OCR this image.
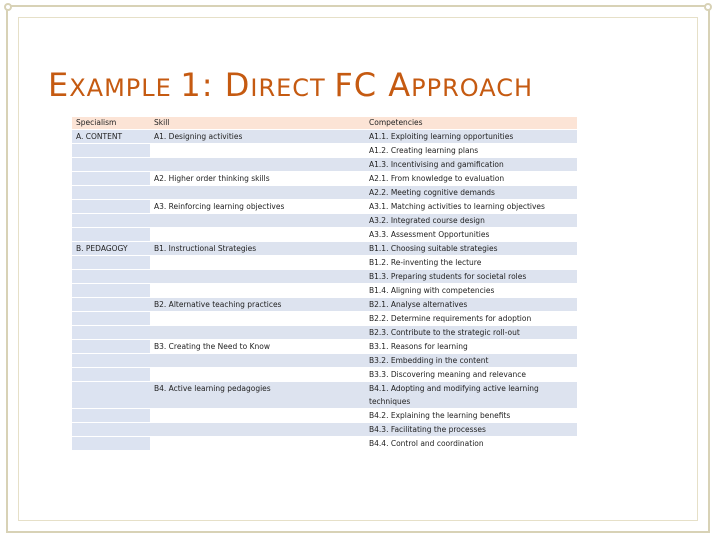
EXAMPLE 1: DIRECT FC APPROACH
Specialism	Skill	Competencies
A. CONTENT	A1. Designing activities	A1.1. Exploiting learning opportunities
		A1.2. Creating learning plans
		A1.3. Incentivising and gamification
	A2. Higher order thinking skills	A2.1. From knowledge to evaluation
		A2.2. Meeting cognitive demands
	A3. Reinforcing learning objectives	A3.1. Matching activities to learning objectives
		A3.2. Integrated course design
		A3.3. Assessment Opportunities
B. PEDAGOGY	B1. Instructional Strategies	B1.1. Choosing suitable strategies
		B1.2. Re-inventing the lecture
		B1.3. Preparing students for societal roles
		B1.4. Aligning with competencies
	B2. Alternative teaching practices	B2.1. Analyse alternatives
		B2.2. Determine requirements for adoption
		B2.3. Contribute to the strategic roll-out
	B3. Creating the Need to Know	B3.1. Reasons for learning
		B3.2. Embedding in the content
		B3.3. Discovering meaning and relevance
	B4. Active learning pedagogies	B4.1. Adopting and modifying active learning techniques
		B4.2. Explaining the learning benefits
		B4.3. Facilitating the processes
		B4.4. Control and coordination
